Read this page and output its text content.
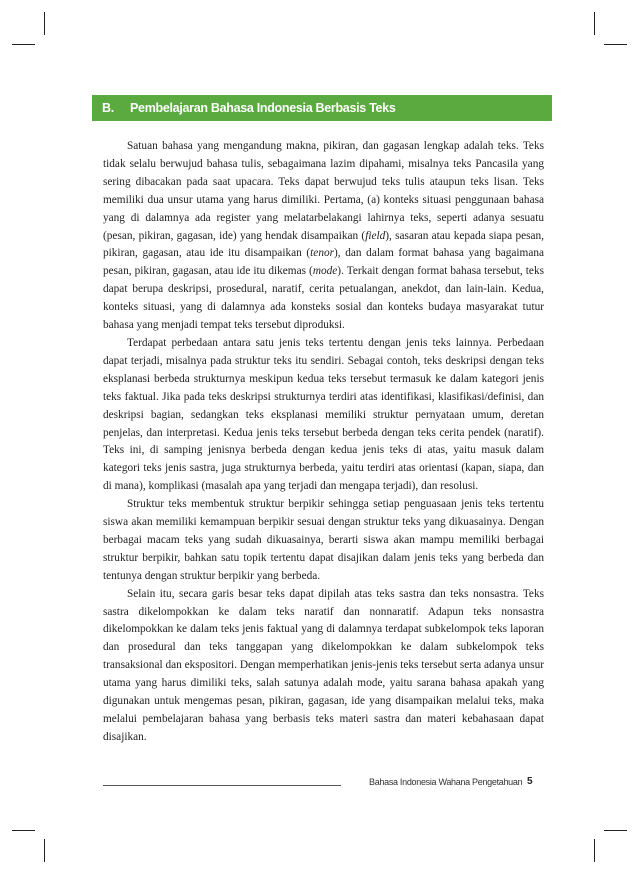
B.	Pembelajaran Bahasa Indonesia Berbasis Teks

Satuan bahasa yang mengandung makna, pikiran, dan gagasan lengkap adalah teks. Teks tidak selalu berwujud bahasa tulis, sebagaimana lazim dipahami, misalnya teks Pancasila yang sering dibacakan pada saat upacara. Teks dapat berwujud teks tulis ataupun teks lisan. Teks memiliki dua unsur utama yang harus dimiliki. Pertama, (a) konteks situasi penggunaan bahasa yang di dalamnya ada register yang melatarbelakangi lahirnya teks, seperti adanya sesuatu (pesan, pikiran, gagasan, ide) yang hendak disampaikan (field), sasaran atau kepada siapa pesan, pikiran, gagasan, atau ide itu disampaikan (tenor), dan dalam format bahasa yang bagaimana pesan, pikiran, gagasan, atau ide itu dikemas (mode). Terkait dengan format bahasa tersebut, teks dapat berupa deskripsi, prosedural, naratif, cerita petualangan, anekdot, dan lain-lain. Kedua, konteks situasi, yang di dalamnya ada konsteks sosial dan konteks budaya masyarakat tutur bahasa yang menjadi tempat teks tersebut diproduksi.

Terdapat perbedaan antara satu jenis teks tertentu dengan jenis teks lainnya. Perbedaan dapat terjadi, misalnya pada struktur teks itu sendiri. Sebagai contoh, teks deskripsi dengan teks eksplanasi berbeda strukturnya meskipun kedua teks tersebut termasuk ke dalam kategori jenis teks faktual. Jika pada teks deskripsi strukturnya terdiri atas identifikasi, klasifikasi/definisi, dan deskripsi bagian, sedangkan teks eksplanasi memiliki struktur pernyataan umum, deretan penjelas, dan interpretasi. Kedua jenis teks tersebut berbeda dengan teks cerita pendek (naratif). Teks ini, di samping jenisnya berbeda dengan kedua jenis teks di atas, yaitu masuk dalam kategori teks jenis sastra, juga strukturnya berbeda, yaitu terdiri atas orientasi (kapan, siapa, dan di mana), komplikasi (masalah apa yang terjadi dan mengapa terjadi), dan resolusi.

Struktur teks membentuk struktur berpikir sehingga setiap penguasaan jenis teks tertentu siswa akan memiliki kemampuan berpikir sesuai dengan struktur teks yang dikuasainya. Dengan berbagai macam teks yang sudah dikuasainya, berarti siswa akan mampu memiliki berbagai struktur berpikir, bahkan satu topik tertentu dapat disajikan dalam jenis teks yang berbeda dan tentunya dengan struktur berpikir yang berbeda.

Selain itu, secara garis besar teks dapat dipilah atas teks sastra dan teks nonsastra. Teks sastra dikelompokkan ke dalam teks naratif dan nonnaratif. Adapun teks nonsastra dikelompokkan ke dalam teks jenis faktual yang di dalamnya terdapat subkelompok teks laporan dan prosedural dan teks tanggapan yang dikelompokkan ke dalam subkelompok teks transaksional dan ekspositori. Dengan memperhatikan jenis-jenis teks tersebut serta adanya unsur utama yang harus dimiliki teks, salah satunya adalah mode, yaitu sarana bahasa apakah yang digunakan untuk mengemas pesan, pikiran, gagasan, ide yang disampaikan melalui teks, maka melalui pembelajaran bahasa yang berbasis teks materi sastra dan materi kebahasaan dapat disajikan.

Bahasa Indonesia Wahana Pengetahuan 5
